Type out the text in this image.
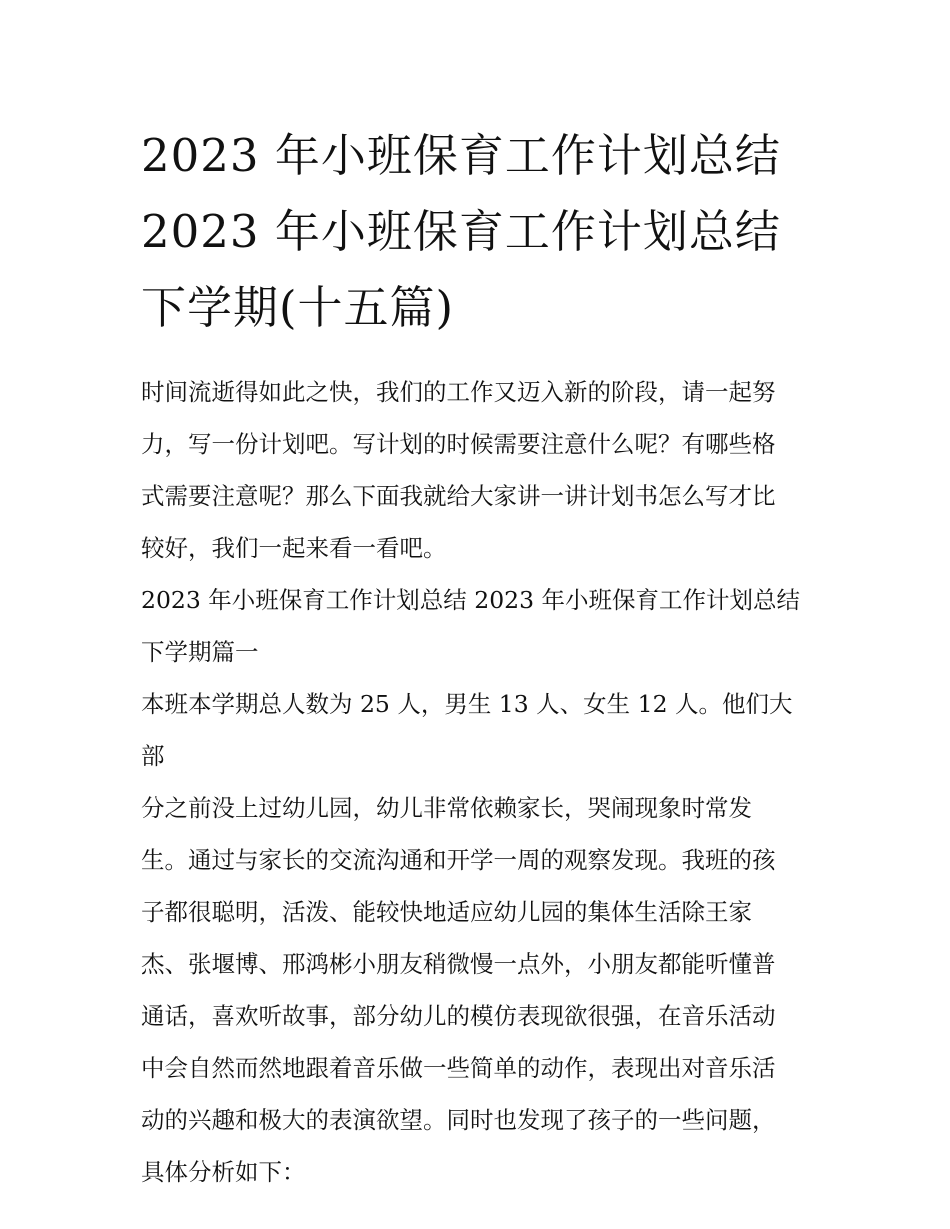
2023 年小班保育工作计划总结
2023 年小班保育工作计划总结
下学期(十五篇)
时间流逝得如此之快，我们的工作又迈入新的阶段，请一起努
力，写一份计划吧。写计划的时候需要注意什么呢？有哪些格
式需要注意呢？那么下面我就给大家讲一讲计划书怎么写才比
较好，我们一起来看一看吧。
2023 年小班保育工作计划总结 2023 年小班保育工作计划总结
下学期篇一
本班本学期总人数为 25 人，男生 13 人、女生 12 人。他们大部
分之前没上过幼儿园，幼儿非常依赖家长，哭闹现象时常发
生。通过与家长的交流沟通和开学一周的观察发现。我班的孩
子都很聪明，活泼、能较快地适应幼儿园的集体生活除王家
杰、张堰博、邢鸿彬小朋友稍微慢一点外，小朋友都能听懂普
通话，喜欢听故事，部分幼儿的模仿表现欲很强，在音乐活动
中会自然而然地跟着音乐做一些简单的动作，表现出对音乐活
动的兴趣和极大的表演欲望。同时也发现了孩子的一些问题，
具体分析如下：
